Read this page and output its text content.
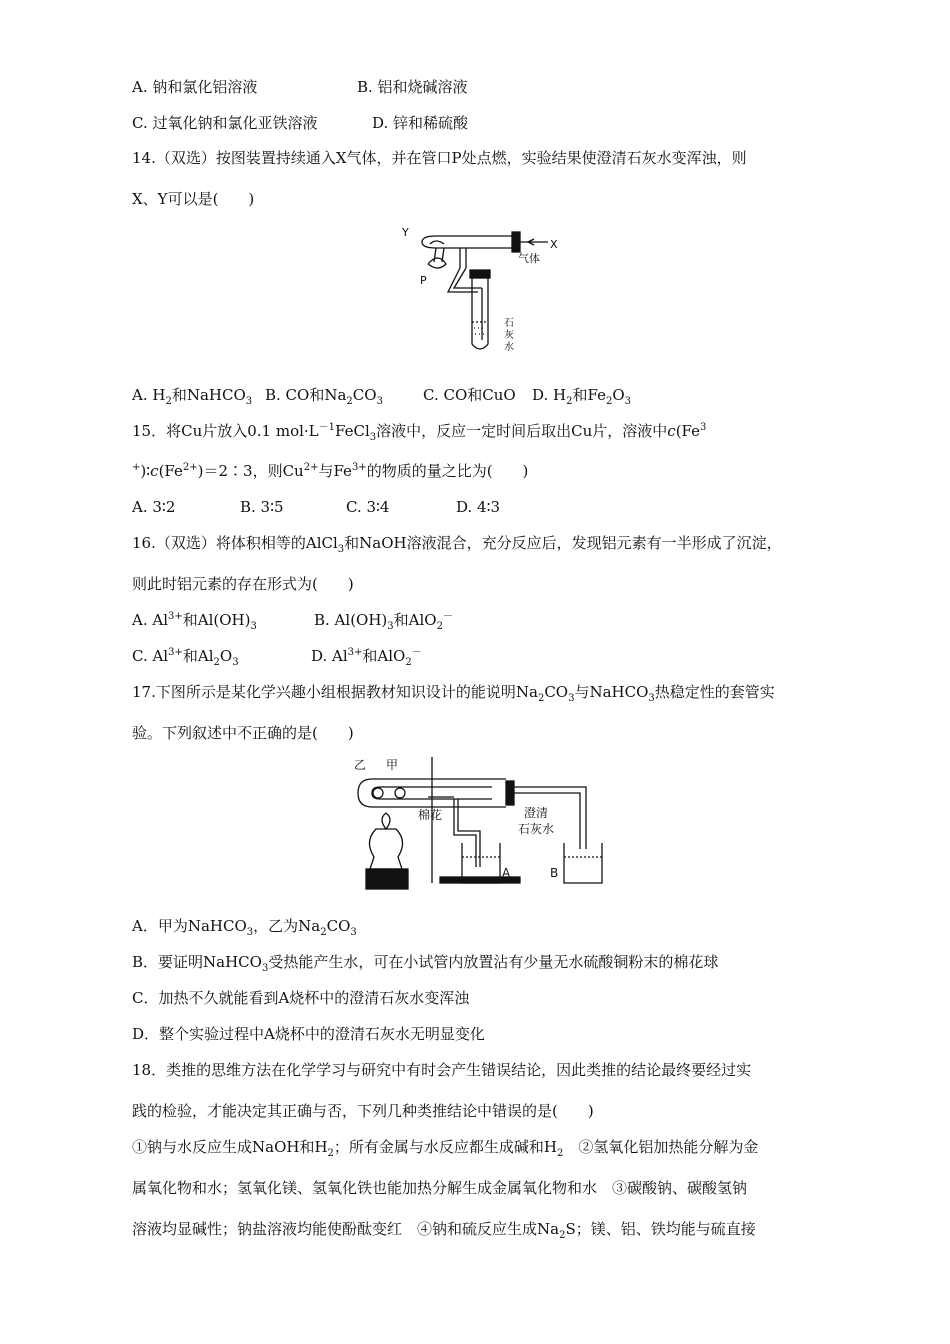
A. 钠和氯化铝溶液	B. 铝和烧碱溶液
C. 过氧化钠和氯化亚铁溶液	D. 锌和稀硫酸
14.（双选）按图装置持续通入X气体，并在管口P处点燃，实验结果使澄清石灰水变浑浊，则
X、Y可以是(　　)
Y
X
气体
P
石
灰
水
A. $H_2$和NaHCO$_3$ B. CO和$Na_2CO_3$	C. CO和CuO D. $H_2$和$Fe_2O_3$
15．将Cu片放入0.1 $mol\cdot L^{-1}FeCl_3$溶液中，反应一定时间后取出Cu片，溶液中c(Fe$^3$
$^+)∶c(Fe^{2+})=2∶3$，则$Cu^{2+}$与$Fe^{3+}$的物质的量之比为(　　)
A. 3∶2	B. 3∶5	C. 3∶4	D. 4∶3
16.（双选）将体积相等的AlCl$_3$和NaOH溶液混合，充分反应后，发现铝元素有一半形成了沉淀，
则此时铝元素的存在形式为(　　)
A. $Al^{3+}$和$Al(OH)_3$	B. $Al(OH)_3$和AlO$_2$－
C. $Al^{3+}$和$Al_2O_3$	D. $Al^{3+}$和AlO$_2$－
17.下图所示是某化学兴趣小组根据教材知识设计的能说明$Na_2CO_3$与NaHCO$_3$热稳定性的套管实
验。下列叙述中不正确的是(　　)
乙 甲
棉花	澄清
石灰水
A	B
A．甲为NaHCO$_3$，乙为$Na_2CO_3$
B．要证明NaHCO$_3$受热能产生水，可在小试管内放置沾有少量无水硫酸铜粉末的棉花球
C．加热不久就能看到A烧杯中的澄清石灰水变浑浊
D．整个实验过程中A烧杯中的澄清石灰水无明显变化
18．类推的思维方法在化学学习与研究中有时会产生错误结论，因此类推的结论最终要经过实
践的检验，才能决定其正确与否，下列几种类推结论中错误的是(　　)
①钠与水反应生成NaOH和$H_2$；所有金属与水反应都生成碱和$H_2$　②氢氧化铝加热能分解为金
属氧化物和水；氢氧化镁、氢氧化铁也能加热分解生成金属氧化物和水　③碳酸钠、碳酸氢钠
溶液均显碱性；钠盐溶液均能使酚酞变红　④钠和硫反应生成$Na_2S$；镁、铝、铁均能与硫直接
